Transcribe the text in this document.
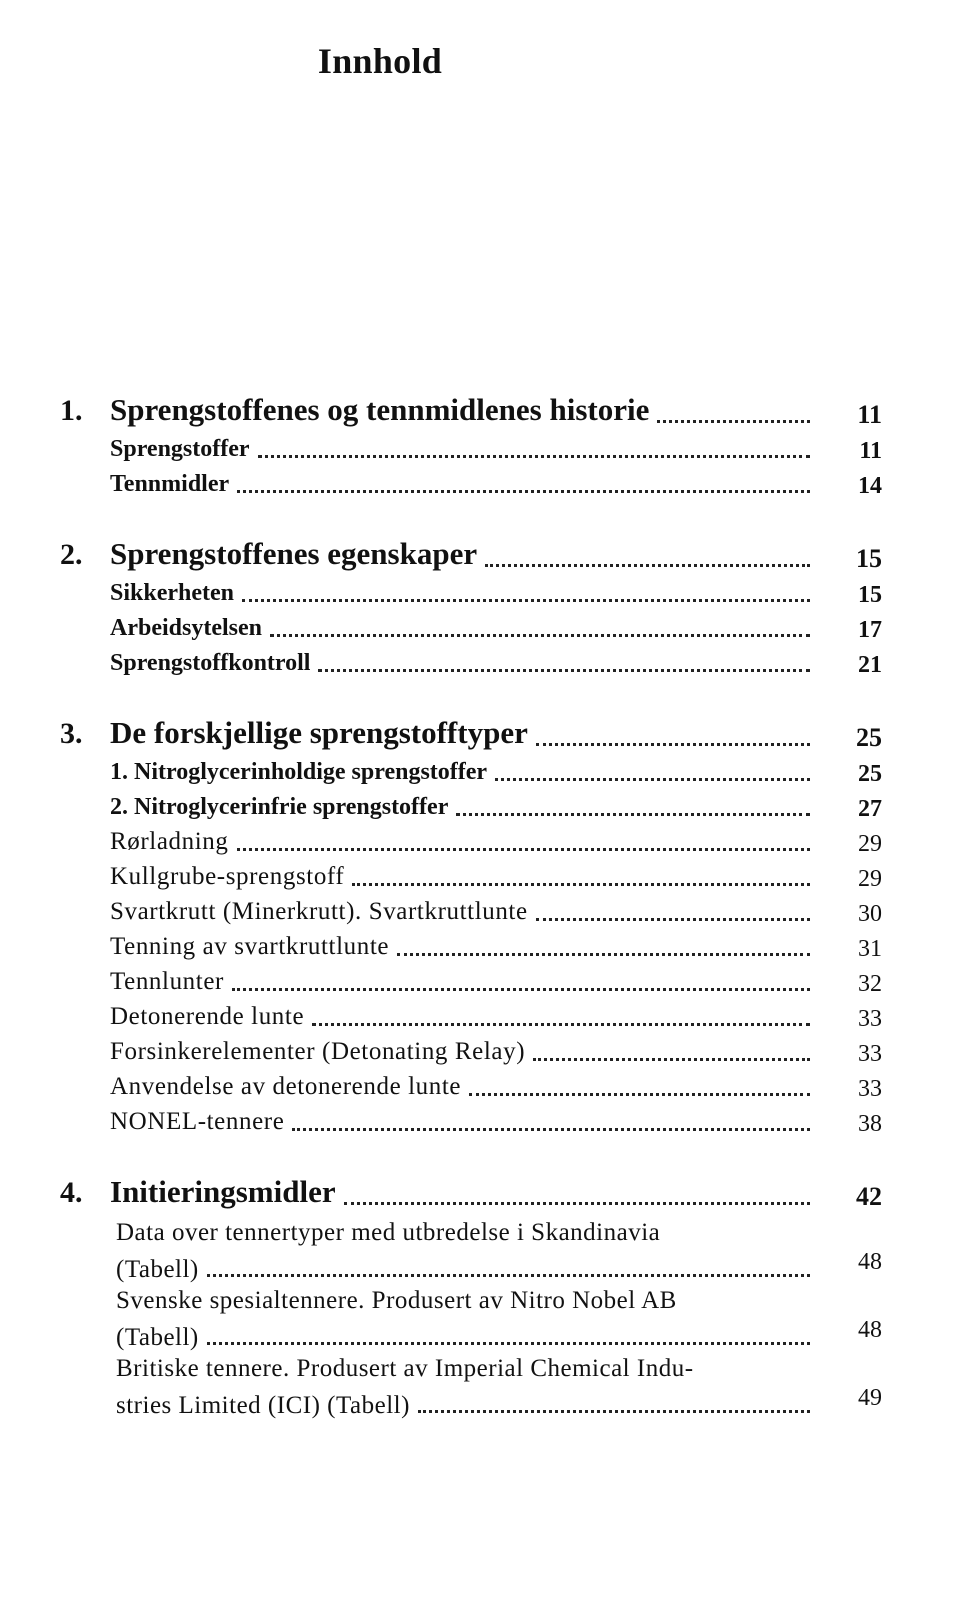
Innhold
1. Sprengstoffenes og tennmidlenes historie	11
Sprengstoffer	11
Tennmidler	14
2. Sprengstoffenes egenskaper	15
Sikkerheten	15
Arbeidsytelsen	17
Sprengstoffkontroll	21
3. De forskjellige sprengstofftyper	25
1. Nitroglycerinholdige sprengstoffer	25
2. Nitroglycerinfrie sprengstoffer	27
Rørladning	29
Kullgrube-sprengstoff	29
Svartkrutt (Minerkrutt). Svartkruttlunte	30
Tenning av svartkruttlunte	31
Tennlunter	32
Detonerende lunte	33
Forsinkerelementer (Detonating Relay)	33
Anvendelse av detonerende lunte	33
NONEL-tennere	38
4. Initieringsmidler	42
Data over tennertyper med utbredelse i Skandinavia
(Tabell)	48
Svenske spesialtennere. Produsert av Nitro Nobel AB
(Tabell)	48
Britiske tennere. Produsert av Imperial Chemical Indu-
stries Limited (ICI) (Tabell)	49
